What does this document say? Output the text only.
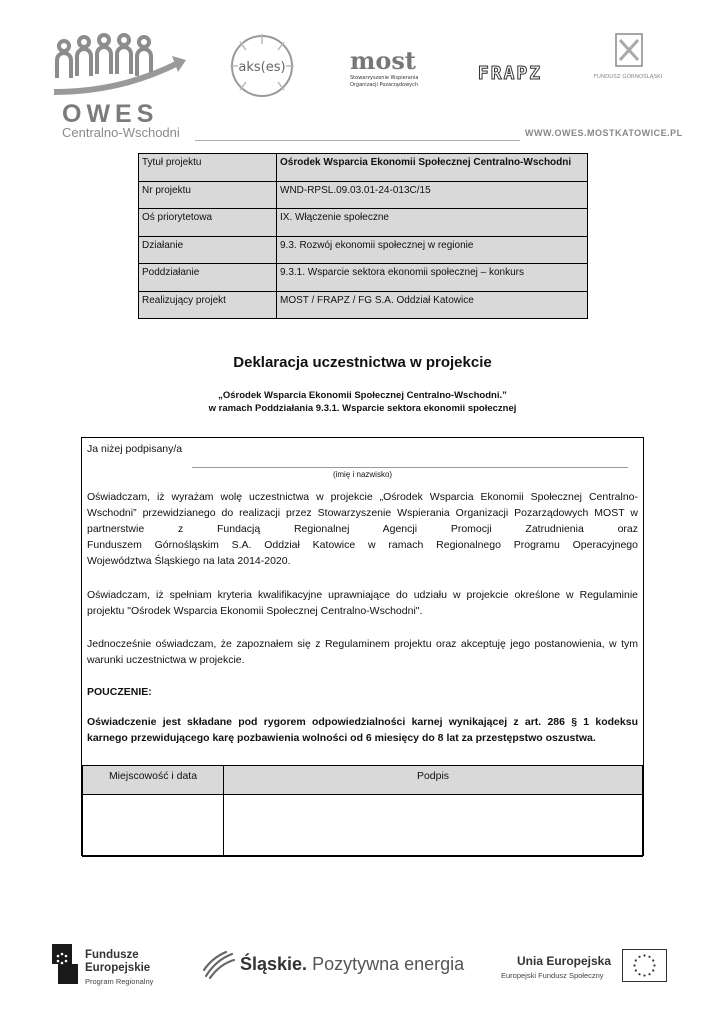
OWES
Centralno-Wschodni
aks(es)	most
Stowarzyszenie Wspierania
Organizacji Pozarządowych
FRAPZ	FUNDUSZ GÓRNOŚLĄSKI
WWW.OWES.MOSTKATOWICE.PL
Tytuł projektu	Ośrodek Wsparcia Ekonomii Społecznej Centralno-Wschodni
Nr projektu	WND-RPSL.09.03.01-24-013C/15
Oś priorytetowa	IX. Włączenie społeczne
Działanie	9.3. Rozwój ekonomii społecznej w regionie
Poddziałanie	9.3.1. Wsparcie sektora ekonomii społecznej – konkurs
Realizujący projekt	MOST / FRAPZ / FG S.A. Oddział Katowice
Deklaracja uczestnictwa w projekcie
„Ośrodek Wsparcia Ekonomii Społecznej Centralno-Wschodni.”
w ramach Poddziałania 9.3.1. Wsparcie sektora ekonomii społecznej
Ja niżej podpisany/a
(imię i nazwisko)
Oświadczam, iż wyrażam wolę uczestnictwa w projekcie „Ośrodek Wsparcia Ekonomii Społecznej Centralno-
Wschodni” przewidzianego do realizacji przez Stowarzyszenie Wspierania Organizacji Pozarządowych MOST w
partnerstwie z Fundacją Regionalnej Agencji Promocji Zatrudnienia oraz
Funduszem Górnośląskim S.A. Oddział Katowice w ramach Regionalnego Programu Operacyjnego
Województwa Śląskiego na lata 2014-2020.
Oświadczam, iż spełniam kryteria kwalifikacyjne uprawniające do udziału w projekcie określone w Regulaminie projektu "Ośrodek Wsparcia Ekonomii Społecznej Centralno-Wschodni".
Jednocześnie oświadczam, że zapoznałem się z Regulaminem projektu oraz akceptuję jego postanowienia, w tym warunki uczestnictwa w projekcie.
POUCZENIE:
Oświadczenie jest składane pod rygorem odpowiedzialności karnej wynikającej z art. 286 § 1 kodeksu karnego przewidującego karę pozbawienia wolności od 6 miesięcy do 8 lat za przestępstwo oszustwa.
Miejscowość i data	Podpis

Fundusze
Europejskie
Program Regionalny
Śląskie. Pozytywna energia	Unia Europejska
Europejski Fundusz Społeczny
